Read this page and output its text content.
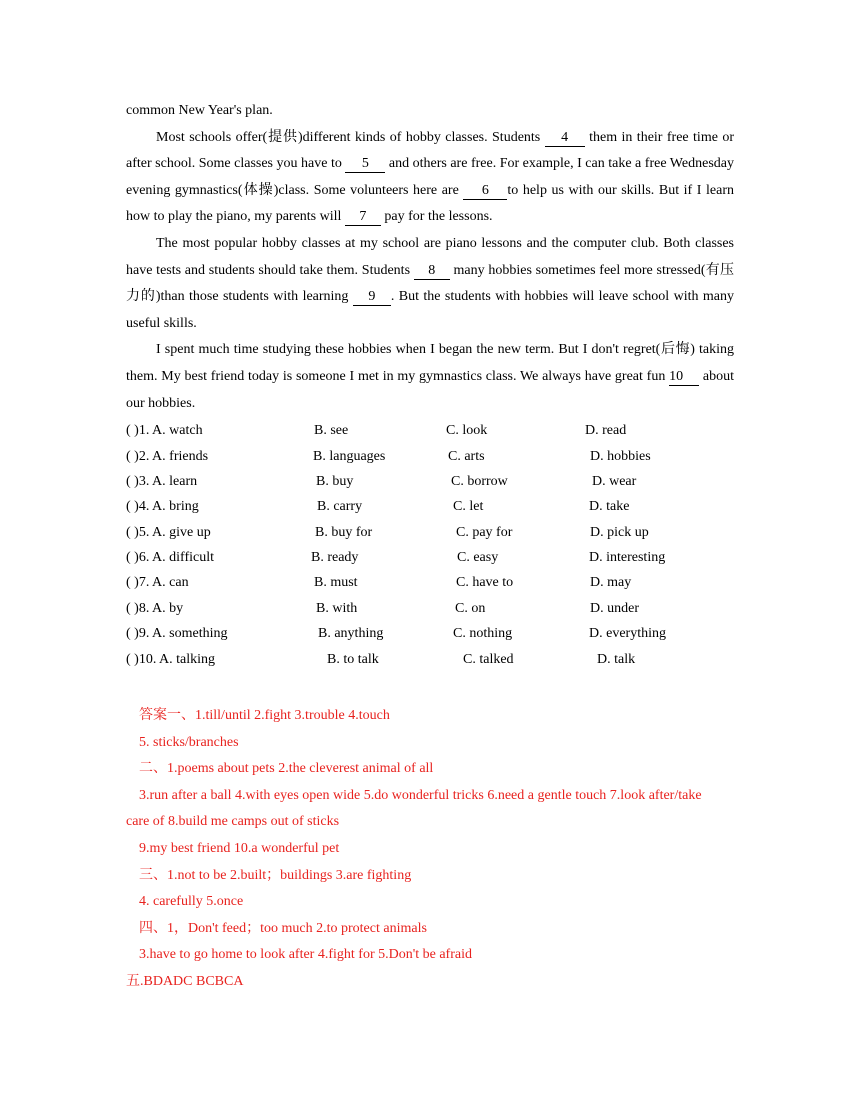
common New Year's plan.

Most schools offer(提供)different kinds of hobby classes. Students 4 them in their free time or after school. Some classes you have to 5 and others are free. For example, I can take a free Wednesday evening gymnastics(体操)class. Some volunteers here are 6 to help us with our skills. But if I learn how to play the piano, my parents will 7 pay for the lessons.

The most popular hobby classes at my school are piano lessons and the computer club. Both classes have tests and students should take them. Students 8 many hobbies sometimes feel more stressed(有压力的)than those students with learning 9 . But the students with hobbies will leave school with many useful skills.

I spent much time studying these hobbies when I began the new term. But I don't regret(后悔) taking them. My best friend today is someone I met in my gymnastics class. We always have great fun 10 about our hobbies.

( )1. A. watch	B. see	C. look	D. read
( )2. A. friends	B. languages	C. arts	D. hobbies
( )3. A. learn	B. buy	C. borrow	D. wear
( )4. A. bring	B. carry	C. let	D. take
( )5. A. give up	B. buy for	C. pay for	D. pick up
( )6. A. difficult	B. ready	C. easy	D. interesting
( )7. A. can	B. must	C. have to	D. may
( )8. A. by	B. with	C. on	D. under
( )9. A. something	B. anything	C. nothing	D. everything
( )10. A. talking	B. to talk	C. talked	D. talk
答案一、1.till/until 2.fight 3.trouble 4.touch
5. sticks/branches
二、1.poems about pets 2.the cleverest animal of all
3.run after a ball 4.with eyes open wide 5.do wonderful tricks 6.need a gentle touch 7.look after/take
care of 8.build me camps out of sticks
9.my best friend 10.a wonderful pet
三、1.not to be 2.built；buildings 3.are fighting
4. carefully 5.once
四、1，Don't feed；too much 2.to protect animals
3.have to go home to look after 4.fight for 5.Don't be afraid
五.BDADC BCBCA
